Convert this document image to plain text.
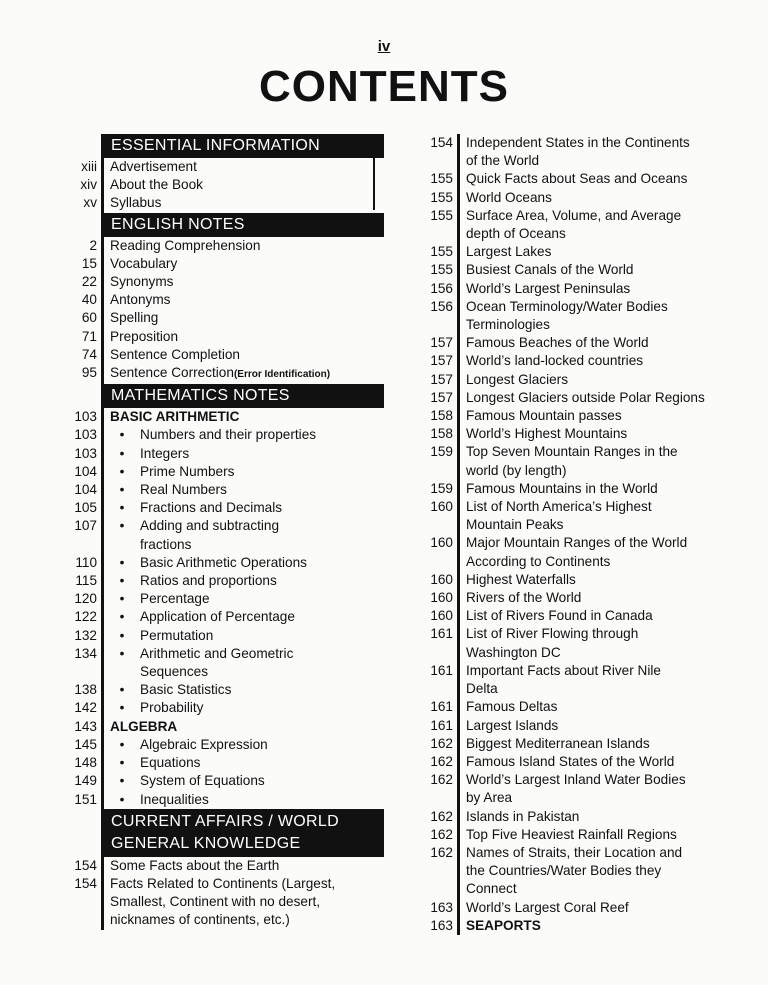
iv
CONTENTS
ESSENTIAL INFORMATION
xiii Advertisement
xiv About the Book
xv Syllabus
ENGLISH NOTES
2 Reading Comprehension
15 Vocabulary
22 Synonyms
40 Antonyms
60 Spelling
71 Preposition
74 Sentence Completion
95 Sentence Correction(Error Identification)
MATHEMATICS NOTES
103 BASIC ARITHMETIC
103	• Numbers and their properties
103	• Integers
104	• Prime Numbers
104	• Real Numbers
105	• Fractions and Decimals
107	• Adding and subtracting fractions
110	• Basic Arithmetic Operations
115	• Ratios and proportions
120	• Percentage
122	• Application of Percentage
132	• Permutation
134	• Arithmetic and Geometric Sequences
138	• Basic Statistics
142	• Probability
143 ALGEBRA
145	• Algebraic Expression
148	• Equations
149	• System of Equations
151	• Inequalities
CURRENT AFFAIRS / WORLD
GENERAL KNOWLEDGE
154 Some Facts about the Earth
154 Facts Related to Continents (Largest,
Smallest, Continent with no desert,
nicknames of continents, etc.)
154 Independent States in the Continents
of the World
155 Quick Facts about Seas and Oceans
155 World Oceans
155 Surface Area, Volume, and Average
depth of Oceans
155 Largest Lakes
155 Busiest Canals of the World
156 World’s Largest Peninsulas
156 Ocean Terminology/Water Bodies
Terminologies
157 Famous Beaches of the World
157 World’s land-locked countries
157 Longest Glaciers
157 Longest Glaciers outside Polar Regions
158 Famous Mountain passes
158 World’s Highest Mountains
159 Top Seven Mountain Ranges in the
world (by length)
159 Famous Mountains in the World
160 List of North America’s Highest
Mountain Peaks
160 Major Mountain Ranges of the World
According to Continents
160 Highest Waterfalls
160 Rivers of the World
160 List of Rivers Found in Canada
161 List of River Flowing through
Washington DC
161 Important Facts about River Nile
Delta
161 Famous Deltas
161 Largest Islands
162 Biggest Mediterranean Islands
162 Famous Island States of the World
162 World’s Largest Inland Water Bodies
by Area
162 Islands in Pakistan
162 Top Five Heaviest Rainfall Regions
162 Names of Straits, their Location and
the Countries/Water Bodies they
Connect
163 World’s Largest Coral Reef
163 SEAPORTS
